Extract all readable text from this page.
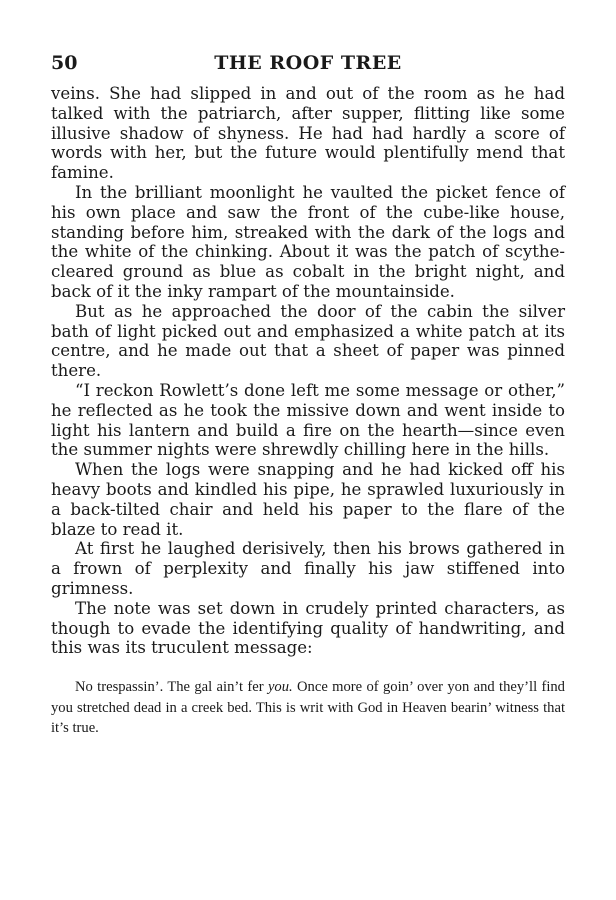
50	THE ROOF TREE

veins. She had slipped in and out of the room as he had talked with the patriarch, after supper, flitting like some illusive shadow of shyness. He had had hardly a score of words with her, but the future would plentifully mend that famine.

In the brilliant moonlight he vaulted the picket fence of his own place and saw the front of the cube-like house, standing before him, streaked with the dark of the logs and the white of the chinking. About it was the patch of scythe-cleared ground as blue as cobalt in the bright night, and back of it the inky rampart of the mountainside.

But as he approached the door of the cabin the silver bath of light picked out and emphasized a white patch at its centre, and he made out that a sheet of paper was pinned there.

“I reckon Rowlett’s done left me some message or other,” he reflected as he took the missive down and went inside to light his lantern and build a fire on the hearth—since even the summer nights were shrewdly chilling here in the hills.

When the logs were snapping and he had kicked off his heavy boots and kindled his pipe, he sprawled luxuriously in a back-tilted chair and held his paper to the flare of the blaze to read it.

At first he laughed derisively, then his brows gathered in a frown of perplexity and finally his jaw stiffened into grimness.

The note was set down in crudely printed characters, as though to evade the identifying quality of handwriting, and this was its truculent message:

No trespassin’. The gal ain’t fer you. Once more of goin’ over yon and they’ll find you stretched dead in a creek bed. This is writ with God in Heaven bearin’ witness that it’s true.
